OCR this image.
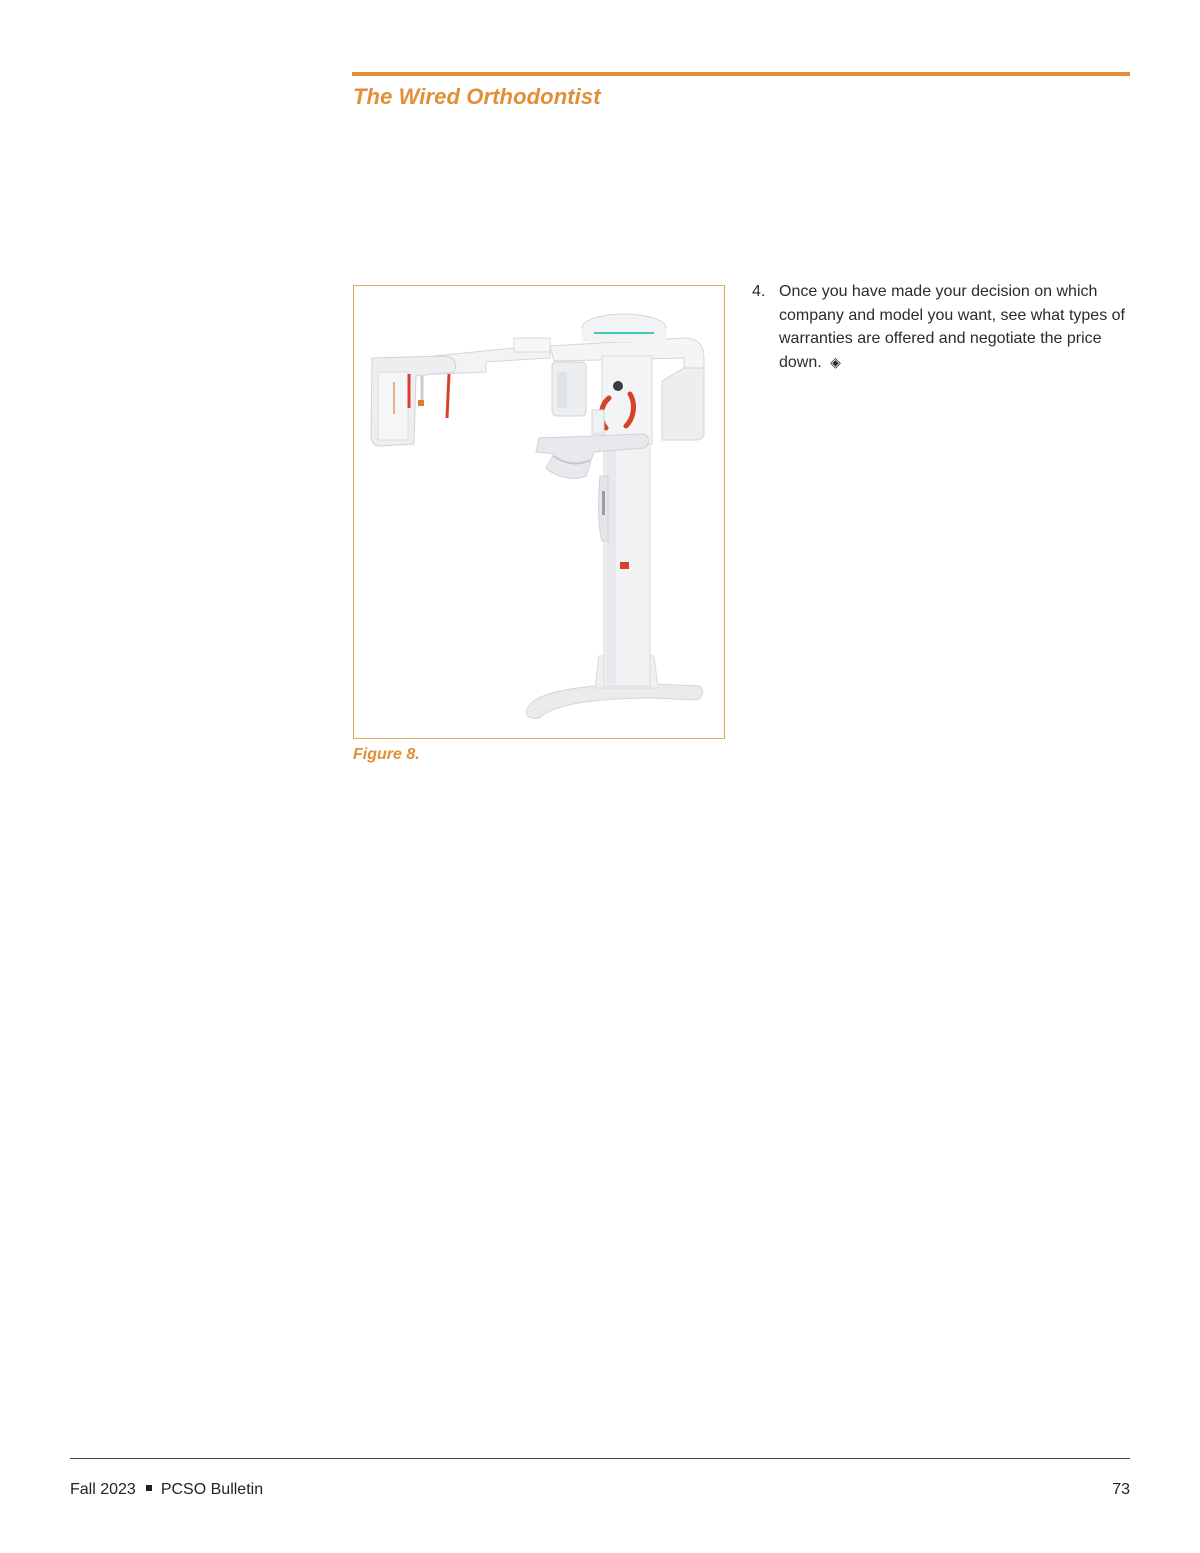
The Wired Orthodontist
Figure 8.
4. Once you have made your decision on which company and model you want, see what types of warranties are offered and negotiate the price down. ◈
Fall 2023 PCSO Bulletin	73
